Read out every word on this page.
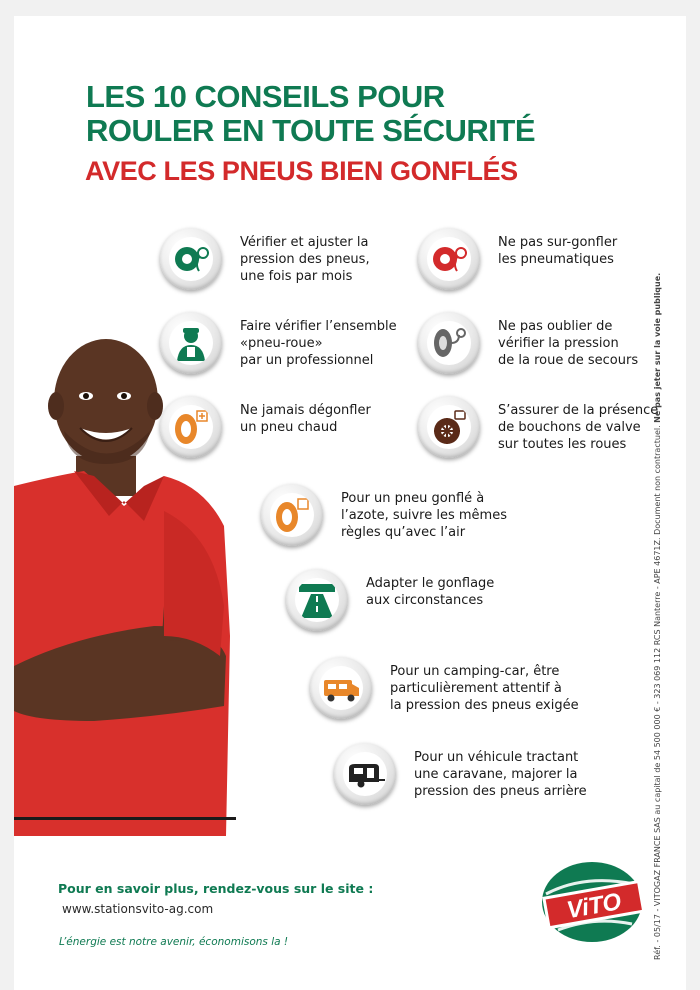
LES 10 CONSEILS POUR
ROULER EN TOUTE SÉCURITÉ
AVEC LES PNEUS BIEN GONFLÉS
Vérifier et ajuster la
pression des pneus,
une fois par mois
Ne pas sur-gonfler
les pneumatiques
Faire vérifier l’ensemble
«pneu-roue»
par un professionnel
Ne pas oublier de
vérifier la pression
de la roue de secours
Ne jamais dégonfler
un pneu chaud
S’assurer de la présence
de bouchons de valve
sur toutes les roues
Pour un pneu gonflé à
l’azote, suivre les mêmes
règles qu’avec l’air
Adapter le gonflage
aux circonstances
Pour un camping-car, être
particulièrement attentif à
la pression des pneus exigée
Pour un véhicule tractant
une caravane, majorer la
pression des pneus arrière
Pour en savoir plus, rendez-vous sur le site :
www.stationsvito-ag.com
L’énergie est notre avenir, économisons la !
ViTO	Réf. - 05/17 - VITOGAZ FRANCE SAS au capital de 54 500 000 € - 323 069 112 RCS Nanterre - APE 4671Z. Document non contractuel. Ne pas jeter sur la voie publique.
